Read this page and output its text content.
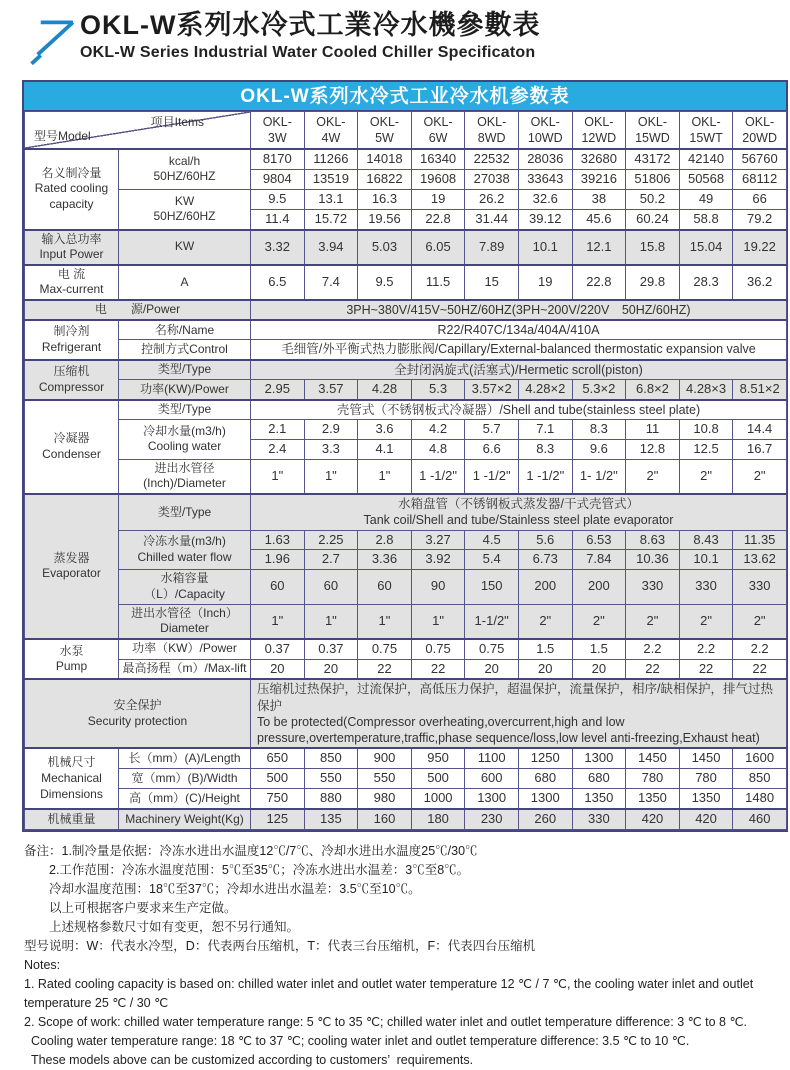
OKL-W系列水冷式工業冷水機參數表
OKL-W Series Industrial Water Cooled Chiller Specificaton
OKL-W系列水冷式工业冷水机参数表
项目Items
型号Model		OKL-
3W	OKL-
4W	OKL-
5W	OKL-
6W	OKL-
8WD	OKL-
10WD	OKL-
12WD	OKL-
15WD	OKL-
15WT	OKL-
20WD
名义制冷量
Rated cooling
capacity	kcal/h
50HZ/60HZ	8170	11266	14018	16340	22532	28036	32680	43172	42140	56760
		9804	13519	16822	19608	27038	33643	39216	51806	50568	68112
	KW
50HZ/60HZ	9.5	13.1	16.3	19	26.2	32.6	38	50.2	49	66
		11.4	15.72	19.56	22.8	31.44	39.12	45.6	60.24	58.8	79.2
输入总功率
Input Power	KW	3.32	3.94	5.03	6.05	7.89	10.1	12.1	15.8	15.04	19.22
电 流
Max-current	A	6.5	7.4	9.5	11.5	15	19	22.8	29.8	28.3	36.2
电　　源/Power		3PH~380V/415V~50HZ/60HZ(3PH~200V/220V　50HZ/60HZ)									
制冷剂
Refrigerant	名称/Name	R22/R407C/134a/404A/410A									
	控制方式Control	毛细管/外平衡式热力膨胀阀/Capillary/External-balanced thermostatic expansion valve									
压缩机
Compressor	类型/Type	全封闭涡旋式(活塞式)/Hermetic scroll(piston)									
	功率(KW)/Power	2.95	3.57	4.28	5.3	3.57×2	4.28×2	5.3×2	6.8×2	4.28×3	8.51×2
冷凝器
Condenser	类型/Type	壳管式（不锈钢板式冷凝器）/Shell and tube(stainless steel plate)									
	冷却水量(m3/h)
Cooling water	2.1	2.9	3.6	4.2	5.7	7.1	8.3	11	10.8	14.4
		2.4	3.3	4.1	4.8	6.6	8.3	9.6	12.8	12.5	16.7
	进出水管径
(Inch)/Diameter	1"	1"	1"	1 -1/2"	1 -1/2"	1 -1/2"	1- 1/2"	2"	2"	2"
蒸发器
Evaporator	类型/Type	水箱盘管（不锈钢板式蒸发器/干式壳管式）
Tank coil/Shell and tube/Stainless steel plate evaporator									
	冷冻水量(m3/h)
Chilled water flow	1.63	2.25	2.8	3.27	4.5	5.6	6.53	8.63	8.43	11.35
		1.96	2.7	3.36	3.92	5.4	6.73	7.84	10.36	10.1	13.62
	水箱容量（L）/Capacity	60	60	60	90	150	200	200	330	330	330
	进出水管径（Inch）
Diameter	1"	1"	1"	1"	1-1/2"	2"	2"	2"	2"	2"
水泵
Pump	功率（KW）/Power	0.37	0.37	0.75	0.75	0.75	1.5	1.5	2.2	2.2	2.2
	最高扬程（m）/Max-lift	20	20	22	22	20	20	20	22	22	22
安全保护
Security protection		压缩机过热保护，过流保护，高低压力保护，超温保护，流量保护，相序/缺相保护，排气过热保护
To be protected(Compressor overheating,overcurrent,high and low
pressure,overtemperature,traffic,phase sequence/loss,low level anti-freezing,Exhaust heat)									
机械尺寸
Mechanical
Dimensions	长（mm）(A)/Length	650	850	900	950	1100	1250	1300	1450	1450	1600
	宽（mm）(B)/Width	500	550	550	500	600	680	680	780	780	850
	高（mm）(C)/Height	750	880	980	1000	1300	1300	1350	1350	1350	1480
机械重量	Machinery Weight(Kg)	125	135	160	180	230	260	330	420	420	460
备注：1.制冷量是依据：冷冻水进出水温度12℃/7℃、冷却水进出水温度25℃/30℃
　　2.工作范围：冷冻水温度范围：5℃至35℃；冷冻水进出水温差：3℃至8℃。
　　冷却水温度范围：18℃至37℃；冷却水进出水温差：3.5℃至10℃。
　　以上可根据客户要求来生产定做。
　　上述规格参数尺寸如有变更，恕不另行通知。
型号说明：W：代表水冷型，D：代表两台压缩机，T：代表三台压缩机，F：代表四台压缩机
Notes:
1. Rated cooling capacity is based on: chilled water inlet and outlet water temperature 12 ℃ / 7 ℃, the cooling water inlet and outlet
temperature 25 ℃ / 30 ℃
2. Scope of work: chilled water temperature range: 5 ℃ to 35 ℃; chilled water inlet and outlet temperature difference: 3 ℃ to 8 ℃.
Cooling water temperature range: 18 ℃ to 37 ℃; cooling water inlet and outlet temperature difference: 3.5 ℃ to 10 ℃.
These models above can be customized according to customers’  requirements.
